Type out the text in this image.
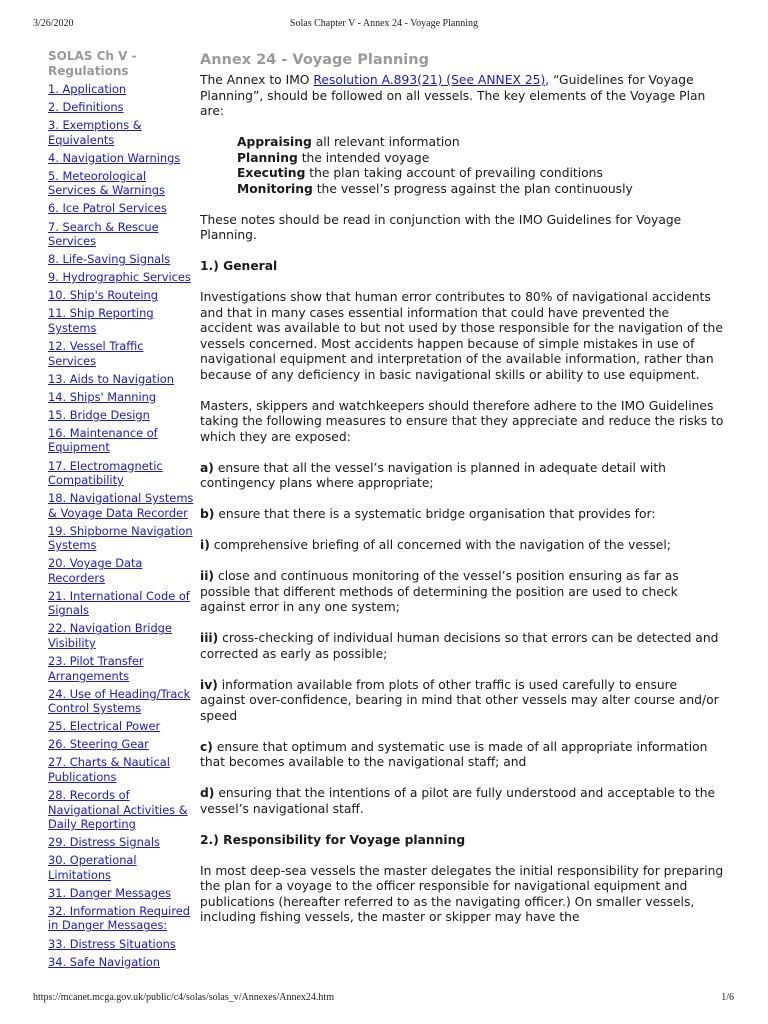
3/26/2020	Solas Chapter V - Annex 24 - Voyage Planning
SOLAS Ch V - Regulations
1. Application
2. Definitions
3. Exemptions & Equivalents
4. Navigation Warnings
5. Meteorological Services & Warnings
6. Ice Patrol Services
7. Search & Rescue Services
8. Life-Saving Signals
9. Hydrographic Services
10. Ship's Routeing
11. Ship Reporting Systems
12. Vessel Traffic Services
13. Aids to Navigation
14. Ships' Manning
15. Bridge Design
16. Maintenance of Equipment
17. Electromagnetic Compatibility
18. Navigational Systems & Voyage Data Recorder
19. Shipborne Navigation Systems
20. Voyage Data Recorders
21. International Code of Signals
22. Navigation Bridge Visibility
23. Pilot Transfer Arrangements
24. Use of Heading/Track Control Systems
25. Electrical Power
26. Steering Gear
27. Charts & Nautical Publications
28. Records of Navigational Activities & Daily Reporting
29. Distress Signals
30. Operational Limitations
31. Danger Messages
32. Information Required in Danger Messages:
33. Distress Situations
34. Safe Navigation
Annex 24 - Voyage Planning

The Annex to IMO Resolution A.893(21) (See ANNEX 25), “Guidelines for Voyage Planning”, should be followed on all vessels. The key elements of the Voyage Plan are:

Appraising all relevant information
Planning the intended voyage
Executing the plan taking account of prevailing conditions
Monitoring the vessel’s progress against the plan continuously

These notes should be read in conjunction with the IMO Guidelines for Voyage Planning.

1.) General

Investigations show that human error contributes to 80% of navigational accidents and that in many cases essential information that could have prevented the accident was available to but not used by those responsible for the navigation of the vessels concerned. Most accidents happen because of simple mistakes in use of navigational equipment and interpretation of the available information, rather than because of any deficiency in basic navigational skills or ability to use equipment.

Masters, skippers and watchkeepers should therefore adhere to the IMO Guidelines taking the following measures to ensure that they appreciate and reduce the risks to which they are exposed:

a) ensure that all the vessel’s navigation is planned in adequate detail with contingency plans where appropriate;

b) ensure that there is a systematic bridge organisation that provides for:

i) comprehensive briefing of all concerned with the navigation of the vessel;

ii) close and continuous monitoring of the vessel’s position ensuring as far as possible that different methods of determining the position are used to check against error in any one system;

iii) cross-checking of individual human decisions so that errors can be detected and corrected as early as possible;

iv) information available from plots of other traffic is used carefully to ensure against over-confidence, bearing in mind that other vessels may alter course and/or speed

c) ensure that optimum and systematic use is made of all appropriate information that becomes available to the navigational staff; and

d) ensuring that the intentions of a pilot are fully understood and acceptable to the vessel’s navigational staff.

2.) Responsibility for Voyage planning

In most deep-sea vessels the master delegates the initial responsibility for preparing the plan for a voyage to the officer responsible for navigational equipment and publications (hereafter referred to as the navigating officer.) On smaller vessels, including fishing vessels, the master or skipper may have the

https://mcanet.mcga.gov.uk/public/c4/solas/solas_v/Annexes/Annex24.htm	1/6
